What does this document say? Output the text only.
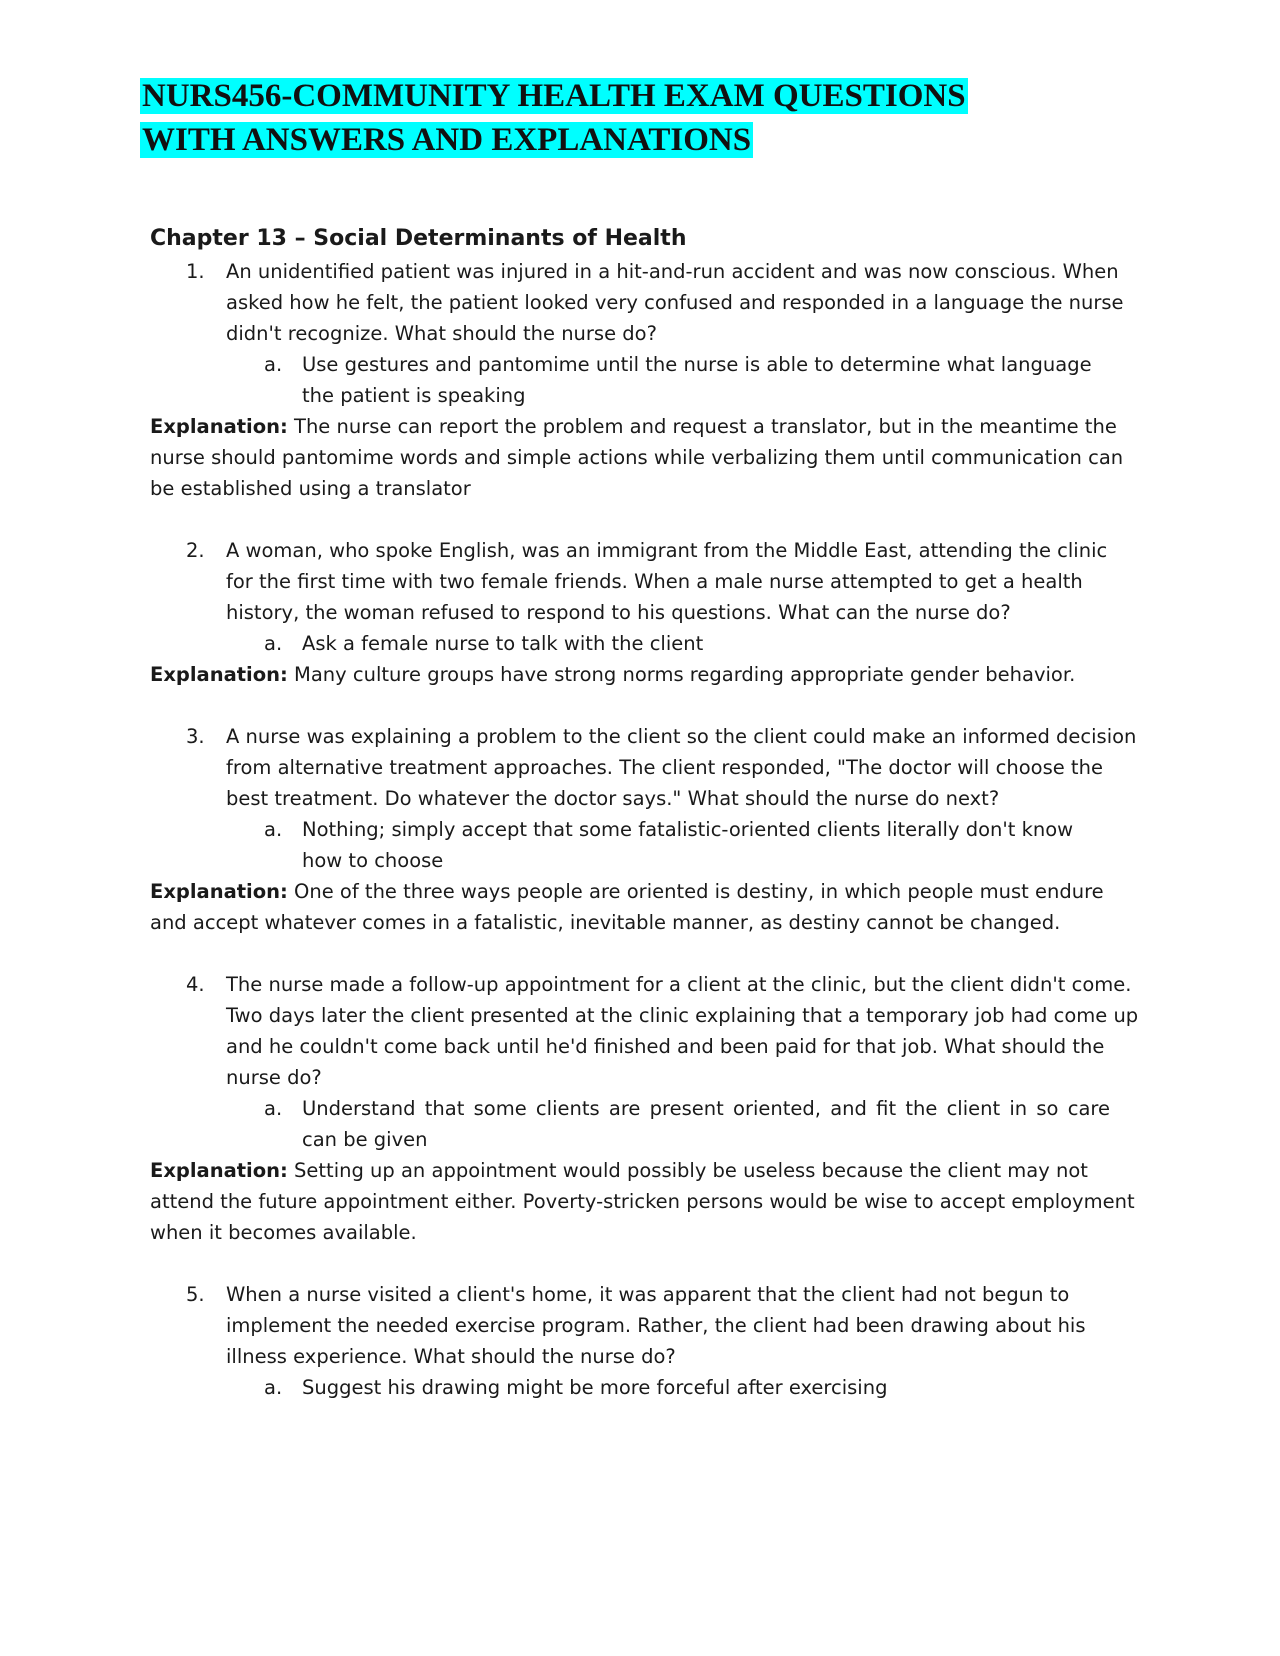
NURS456-COMMUNITY HEALTH EXAM QUESTIONS
WITH ANSWERS AND EXPLANATIONS

Chapter 13 – Social Determinants of Health

1. An unidentified patient was injured in a hit-and-run accident and was now conscious. When asked how he felt, the patient looked very confused and responded in a language the nurse didn't recognize. What should the nurse do?
a. Use gestures and pantomime until the nurse is able to determine what language the patient is speaking

Explanation: The nurse can report the problem and request a translator, but in the meantime the nurse should pantomime words and simple actions while verbalizing them until communication can be established using a translator

2. A woman, who spoke English, was an immigrant from the Middle East, attending the clinic for the first time with two female friends. When a male nurse attempted to get a health history, the woman refused to respond to his questions. What can the nurse do?
a. Ask a female nurse to talk with the client

Explanation: Many culture groups have strong norms regarding appropriate gender behavior.

3. A nurse was explaining a problem to the client so the client could make an informed decision from alternative treatment approaches. The client responded, "The doctor will choose the best treatment. Do whatever the doctor says." What should the nurse do next?
a. Nothing; simply accept that some fatalistic-oriented clients literally don't know how to choose

Explanation: One of the three ways people are oriented is destiny, in which people must endure and accept whatever comes in a fatalistic, inevitable manner, as destiny cannot be changed.

4. The nurse made a follow-up appointment for a client at the clinic, but the client didn't come. Two days later the client presented at the clinic explaining that a temporary job had come up and he couldn't come back until he'd finished and been paid for that job. What should the nurse do?
a. Understand that some clients are present oriented, and fit the client in so care can be given

Explanation: Setting up an appointment would possibly be useless because the client may not attend the future appointment either. Poverty-stricken persons would be wise to accept employment when it becomes available.

5. When a nurse visited a client's home, it was apparent that the client had not begun to implement the needed exercise program. Rather, the client had been drawing about his illness experience. What should the nurse do?
a. Suggest his drawing might be more forceful after exercising
